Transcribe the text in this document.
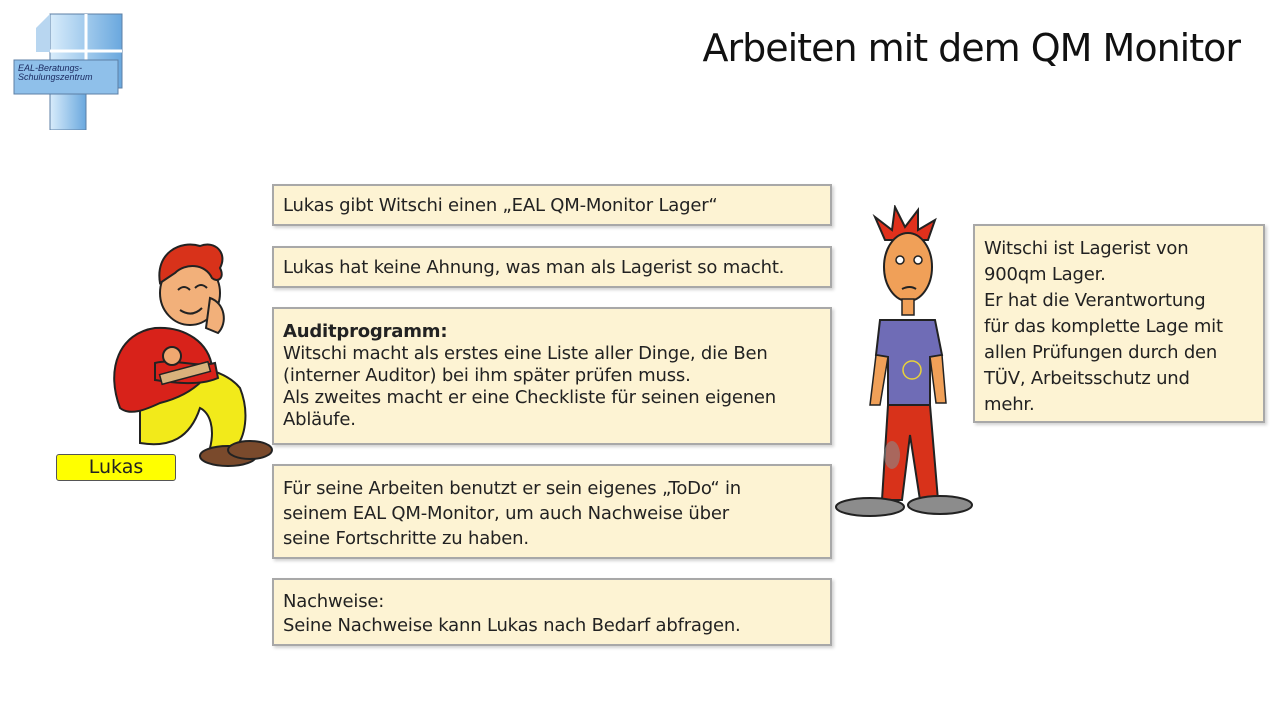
EAL-Beratungs-
Schulungszentrum
Arbeiten mit dem QM Monitor
Lukas
Lukas gibt Witschi einen „EAL QM-Monitor Lager“
Lukas hat keine Ahnung, was man als Lagerist so macht.
Auditprogramm:
Witschi macht als erstes eine Liste aller Dinge, die Ben
(interner Auditor) bei ihm später prüfen muss.
Als zweites macht er eine Checkliste für seinen eigenen
Abläufe.
Für seine Arbeiten benutzt er sein eigenes „ToDo“ in
seinem EAL QM-Monitor, um auch Nachweise über
seine Fortschritte zu haben.
Nachweise:
Seine Nachweise kann Lukas nach Bedarf abfragen.
Witschi ist Lagerist von
900qm Lager.
Er hat die Verantwortung
für das komplette Lage mit
allen Prüfungen durch den
TÜV, Arbeitsschutz und
mehr.
